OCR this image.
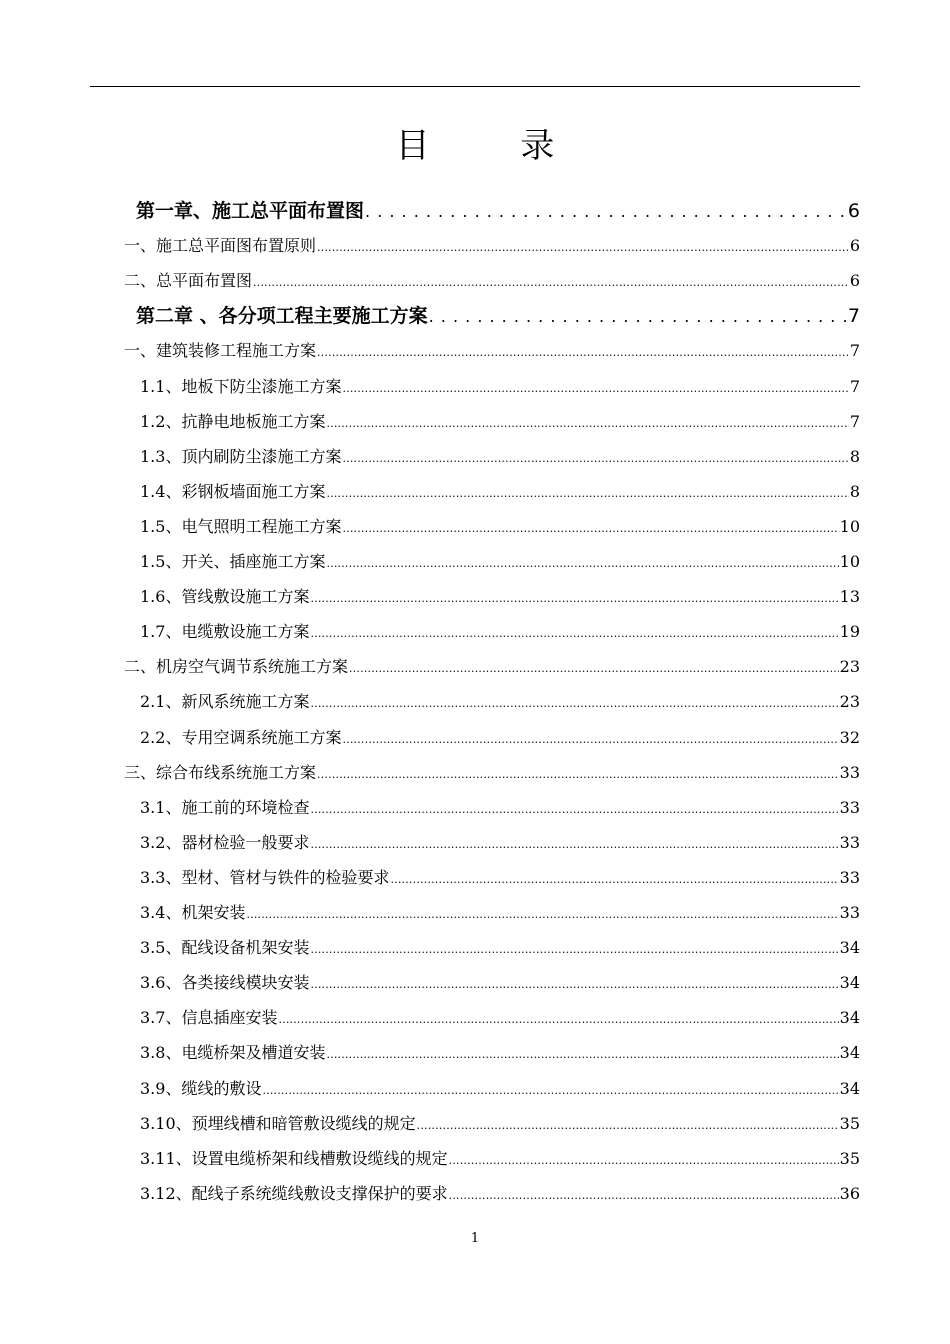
目 录
第一章、施工总平面布置图 . .	6
一、施工总平面图布置原则 .....	6
二、总平面布置图 .....	6
第二章 、各分项工程主要施工方案 . .	7
一、建筑装修工程施工方案 .....	7
1.1、地板下防尘漆施工方案 .....	7
1.2、抗静电地板施工方案 .....	7
1.3、顶内刷防尘漆施工方案 .....	8
1.4、彩钢板墙面施工方案 .....	8
1.5、电气照明工程施工方案 .....	10
1.5、开关、插座施工方案 .....	10
1.6、管线敷设施工方案 .....	13
1.7、电缆敷设施工方案 .....	19
二、机房空气调节系统施工方案 .....	23
2.1、新风系统施工方案 .....	23
2.2、专用空调系统施工方案 .....	32
三、综合布线系统施工方案 .....	33
3.1、施工前的环境检查 .....	33
3.2、器材检验一般要求 .....	33
3.3、型材、管材与铁件的检验要求 .....	33
3.4、机架安装 .....	33
3.5、配线设备机架安装 .....	34
3.6、各类接线模块安装 .....	34
3.7、信息插座安装 .....	34
3.8、电缆桥架及槽道安装 .....	34
3.9、缆线的敷设 .....	34
3.10、预埋线槽和暗管敷设缆线的规定 .....	35
3.11、设置电缆桥架和线槽敷设缆线的规定 .....	35
3.12、配线子系统缆线敷设支撑保护的要求 .....	36
1
